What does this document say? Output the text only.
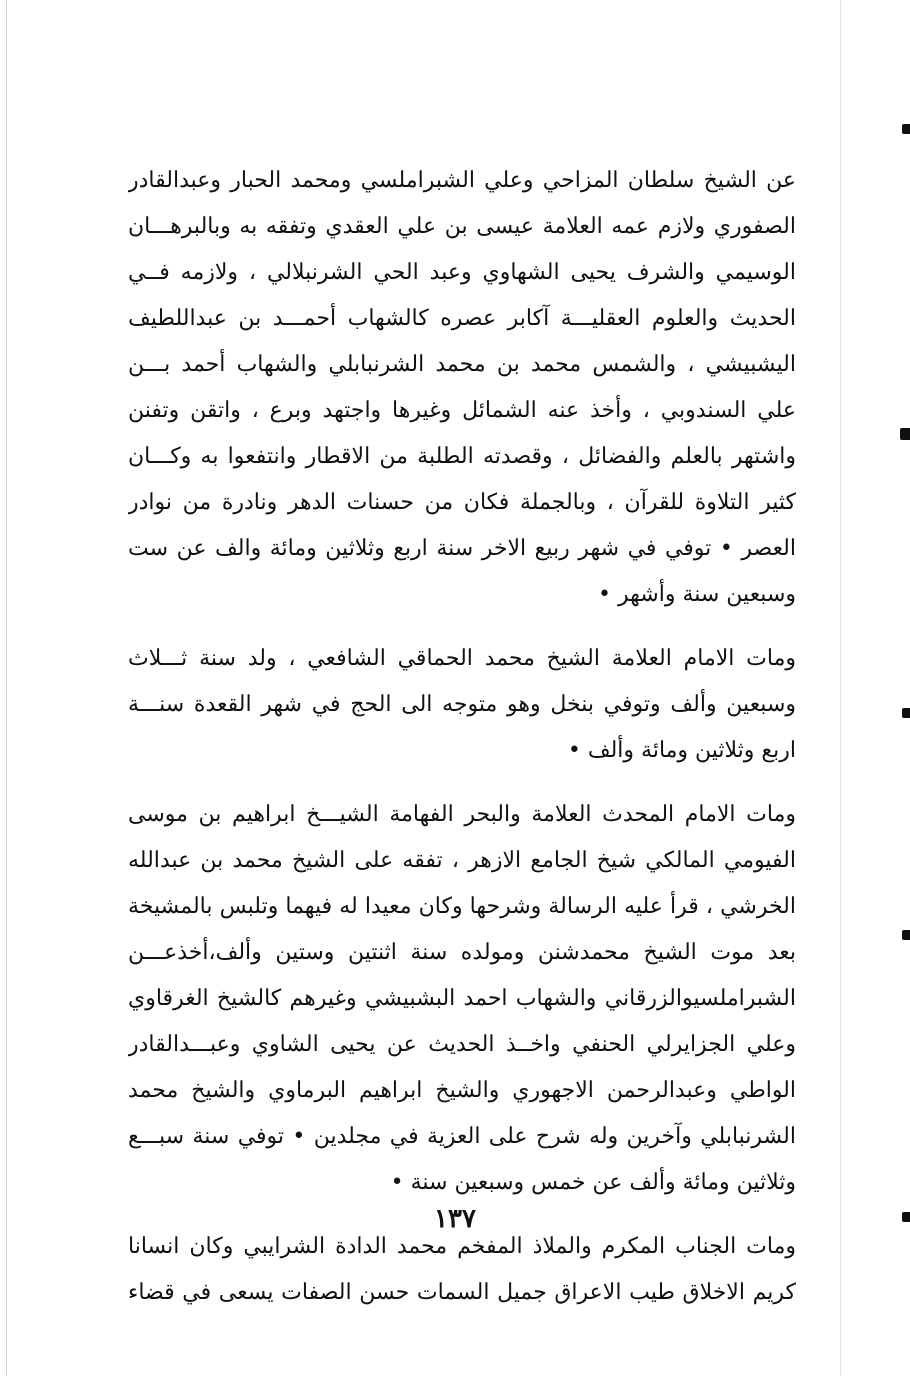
عن الشيخ سلطان المزاحي وعلي الشبراملسي ومحمد الحبار وعبدالقادر
الصفوري ولازم عمه العلامة عيسى بن علي العقدي وتفقه به وبالبرهـــان
الوسيمي والشرف يحيى الشهاوي وعبد الحي الشرنبلالي ، ولازمه فــي
الحديث والعلوم العقليـــة آكابر عصره كالشهاب أحمـــد بن عبداللطيف
اليشبيشي ، والشمس محمد بن محمد الشرنبابلي والشهاب أحمد بـــن
علي السندوبي ، وأخذ عنه الشمائل وغيرها واجتهد وبرع ، واتقن وتفنن
واشتهر بالعلم والفضائل ، وقصدته الطلبة من الاقطار وانتفعوا به وكـــان
كثير التلاوة للقرآن ، وبالجملة فكان من حسنات الدهر ونادرة من نوادر
العصر • توفي في شهر ربيع الاخر سنة اربع وثلاثين ومائة والف عن ست
وسبعين سنة وأشهر •
ومات الامام العلامة الشيخ محمد الحماقي الشافعي ، ولد سنة ثـــلاث
وسبعين وألف وتوفي بنخل وهو متوجه الى الحج في شهر القعدة سنـــة
اربع وثلاثين ومائة وألف •
ومات الامام المحدث العلامة والبحر الفهامة الشيـــخ ابراهيم بن موسى
الفيومي المالكي شيخ الجامع الازهر ، تفقه على الشيخ محمد بن عبدالله
الخرشي ، قرأ عليه الرسالة وشرحها وكان معيدا له فيهما وتلبس بالمشيخة
بعد موت الشيخ محمدشنن ومولده سنة اثنتين وستين وألف،أخذعـــن
الشبراملسيوالزرقاني والشهاب احمد البشبيشي وغيرهم كالشيخ الغرقاوي
وعلي الجزايرلي الحنفي واخــذ الحديث عن يحيى الشاوي وعبـــدالقادر
الواطي وعبدالرحمن الاجهوري والشيخ ابراهيم البرماوي والشيخ محمد
الشرنبابلي وآخرين وله شرح على العزية في مجلدين • توفي سنة سبـــع
وثلاثين ومائة وألف عن خمس وسبعين سنة •
ومات الجناب المكرم والملاذ المفخم محمد الدادة الشرايبي وكان انسانا
كريم الاخلاق طيب الاعراق جميل السمات حسن الصفات يسعى في قضاء
١٣٧
